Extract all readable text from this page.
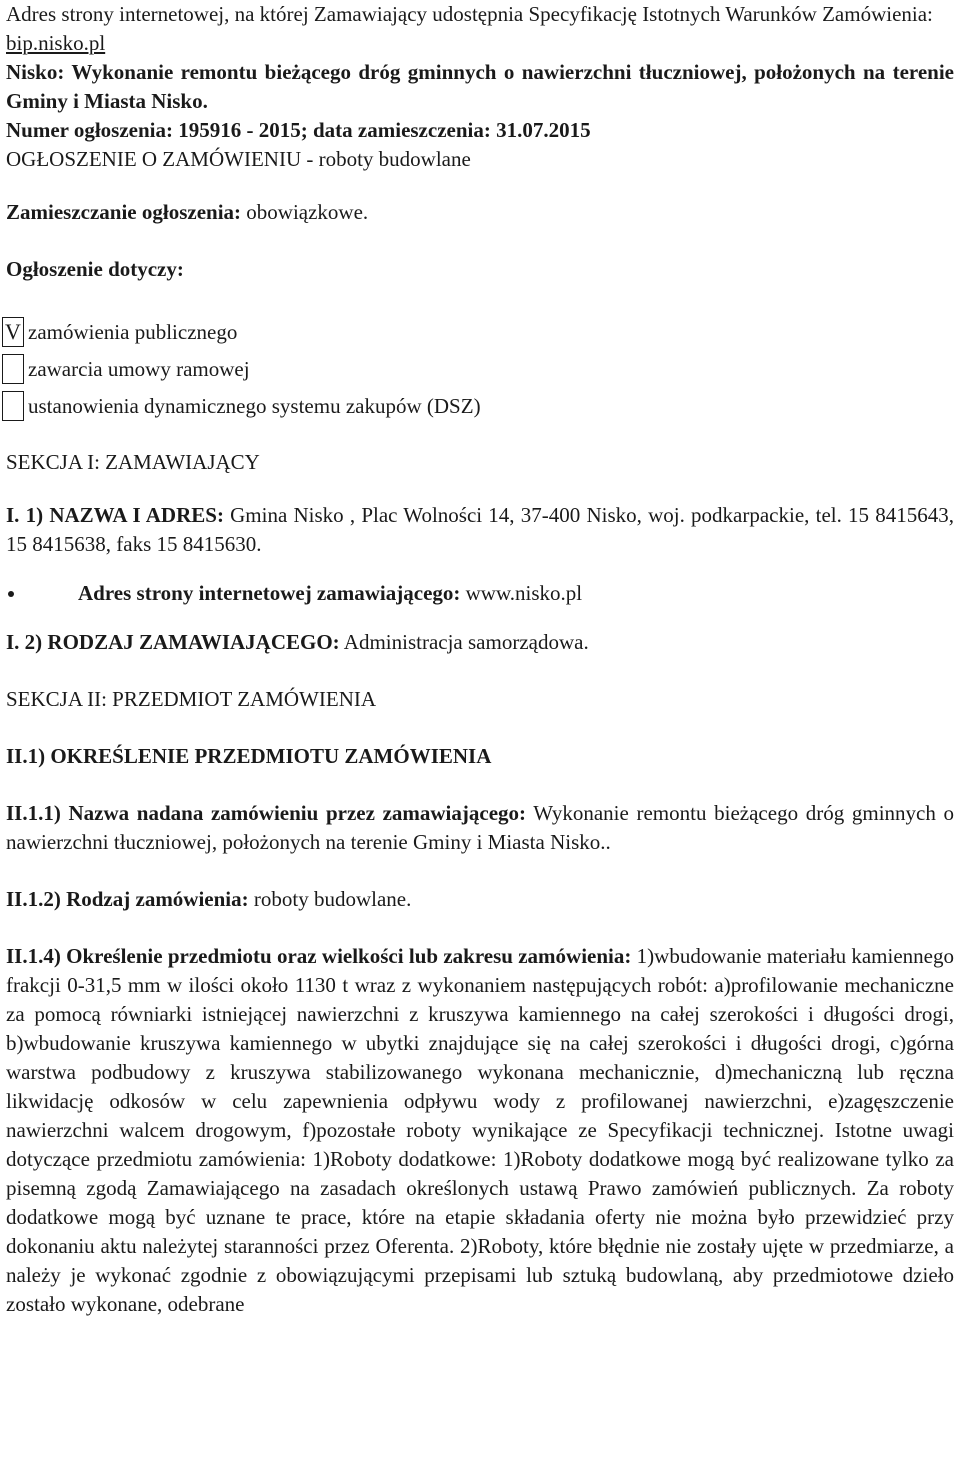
Adres strony internetowej, na której Zamawiający udostępnia Specyfikację Istotnych Warunków Zamówienia:

bip.nisko.pl

Nisko: Wykonanie remontu bieżącego dróg gminnych o nawierzchni tłuczniowej, położonych na terenie Gminy i Miasta Nisko.

Numer ogłoszenia: 195916 - 2015; data zamieszczenia: 31.07.2015

OGŁOSZENIE O ZAMÓWIENIU - roboty budowlane

Zamieszczanie ogłoszenia: obowiązkowe.

Ogłoszenie dotyczy:

V zamówienia publicznego
zawarcia umowy ramowej
ustanowienia dynamicznego systemu zakupów (DSZ)

SEKCJA I: ZAMAWIAJĄCY

I. 1) NAZWA I ADRES: Gmina Nisko , Plac Wolności 14, 37-400 Nisko, woj. podkarpackie, tel. 15 8415643, 15 8415638, faks 15 8415630.

Adres strony internetowej zamawiającego: www.nisko.pl

I. 2) RODZAJ ZAMAWIAJĄCEGO: Administracja samorządowa.

SEKCJA II: PRZEDMIOT ZAMÓWIENIA

II.1) OKREŚLENIE PRZEDMIOTU ZAMÓWIENIA

II.1.1) Nazwa nadana zamówieniu przez zamawiającego: Wykonanie remontu bieżącego dróg gminnych o nawierzchni tłuczniowej, położonych na terenie Gminy i Miasta Nisko..

II.1.2) Rodzaj zamówienia: roboty budowlane.

II.1.4) Określenie przedmiotu oraz wielkości lub zakresu zamówienia: 1)wbudowanie materiału kamiennego frakcji 0-31,5 mm w ilości około 1130 t wraz z wykonaniem następujących robót: a)profilowanie mechaniczne za pomocą równiarki istniejącej nawierzchni z kruszywa kamiennego na całej szerokości i długości drogi, b)wbudowanie kruszywa kamiennego w ubytki znajdujące się na całej szerokości i długości drogi, c)górna warstwa podbudowy z kruszywa stabilizowanego wykonana mechanicznie, d)mechaniczną lub ręczna likwidację odkosów w celu zapewnienia odpływu wody z profilowanej nawierzchni, e)zagęszczenie nawierzchni walcem drogowym, f)pozostałe roboty wynikające ze Specyfikacji technicznej. Istotne uwagi dotyczące przedmiotu zamówienia: 1)Roboty dodatkowe: 1)Roboty dodatkowe mogą być realizowane tylko za pisemną zgodą Zamawiającego na zasadach określonych ustawą Prawo zamówień publicznych. Za roboty dodatkowe mogą być uznane te prace, które na etapie składania oferty nie można było przewidzieć przy dokonaniu aktu należytej staranności przez Oferenta. 2)Roboty, które błędnie nie zostały ujęte w przedmiarze, a należy je wykonać zgodnie z obowiązującymi przepisami lub sztuką budowlaną, aby przedmiotowe dzieło zostało wykonane, odebrane
